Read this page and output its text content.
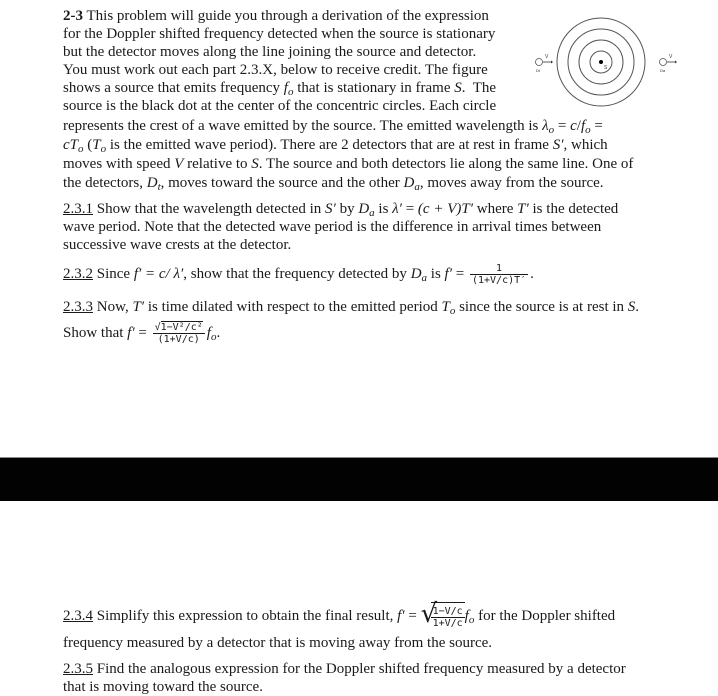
2-3 This problem will guide you through a derivation of the expression
for the Doppler shifted frequency detected when the source is stationary
but the detector moves along the line joining the source and detector.
You must work out each part 2.3.X, below to receive credit. The figure
shows a source that emits frequency $f_o$ that is stationary in frame S.  The
source is the black dot at the center of the concentric circles. Each circle
represents the crest of a wave emitted by the source. The emitted wavelength is $\lambda_o = c/f_o$ =
$cT_o$ ($T_o$ is the emitted wave period). There are 2 detectors that are at rest in frame S′, which
moves with speed V relative to S. The source and both detectors lie along the same line. One of
the detectors, $D_t$, moves toward the source and the other $D_a$, moves away from the source.
S
V
Dt
V
Da
2.3.1 Show that the wavelength detected in S′ by $D_a$ is λ′ = (c + V)T′ where T′ is the detected
wave period. Note that the detected wave period is the difference in arrival times between
successive wave crests at the detector.
2.3.2 Since f′ = c/ λ′, show that the frequency detected by $D_a$ is $f' = \frac{1}{(1+V/c)T'}$ .
2.3.3 Now, T′ is time dilated with respect to the emitted period $T_o$ since the source is at rest in S.
Show that $f' = \frac{\text{√1−V²/c²}}{(1+V/c)} f_o$.
2.3.4 Simplify this expression to obtain the final result, f′ = √
$\frac{1-V/c}{1+V/c} f_o$ for the Doppler shifted
frequency measured by a detector that is moving away from the source.
2.3.5 Find the analogous expression for the Doppler shifted frequency measured by a detector
that is moving toward the source.
